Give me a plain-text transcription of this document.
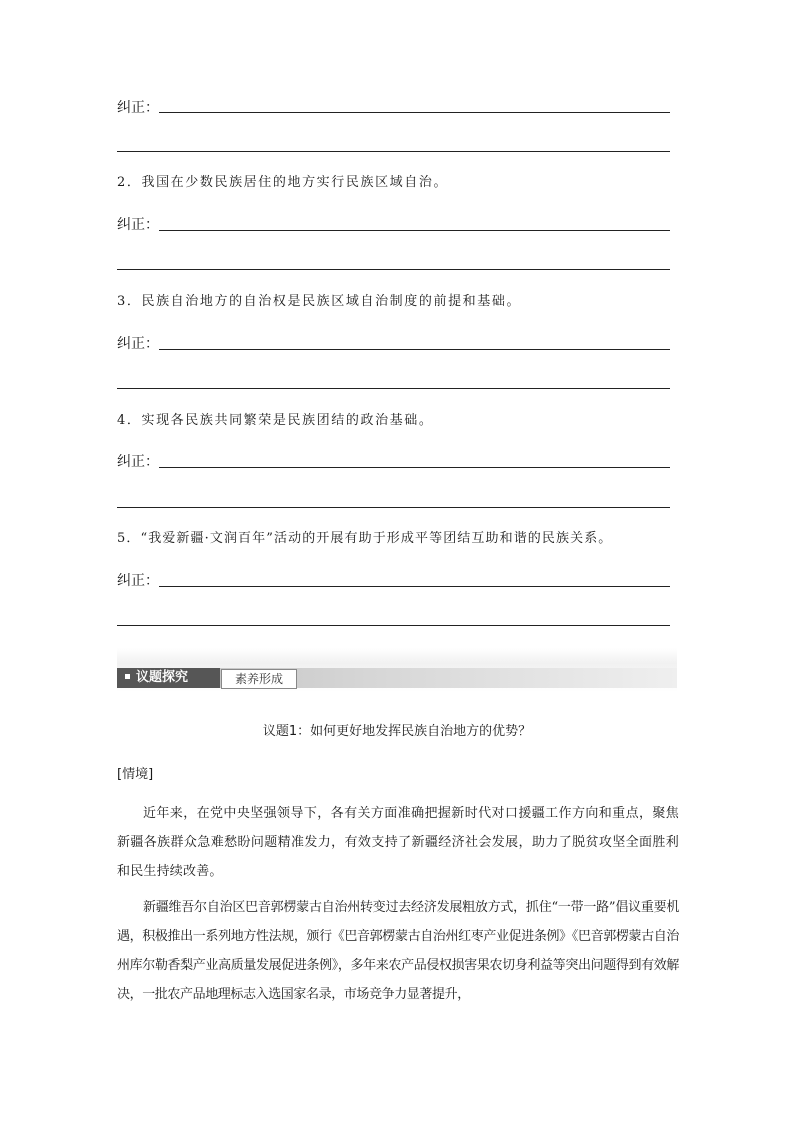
纠正：
2．我国在少数民族居住的地方实行民族区域自治。
纠正：
3．民族自治地方的自治权是民族区域自治制度的前提和基础。
纠正：
4．实现各民族共同繁荣是民族团结的政治基础。
纠正：
5．“我爱新疆·文润百年”活动的开展有助于形成平等团结互助和谐的民族关系。
纠正：
议题探究	素养形成
议题1：如何更好地发挥民族自治地方的优势？
[情境]
近年来，在党中央坚强领导下，各有关方面准确把握新时代对口援疆工作方向和重点，聚焦新疆各族群众急难愁盼问题精准发力，有效支持了新疆经济社会发展，助力了脱贫攻坚全面胜利和民生持续改善。
新疆维吾尔自治区巴音郭楞蒙古自治州转变过去经济发展粗放方式，抓住“一带一路”倡议重要机遇，积极推出一系列地方性法规，颁行《巴音郭楞蒙古自治州红枣产业促进条例》《巴音郭楞蒙古自治州库尔勒香梨产业高质量发展促进条例》，多年来农产品侵权损害果农切身利益等突出问题得到有效解决，一批农产品地理标志入选国家名录，市场竞争力显著提升，
